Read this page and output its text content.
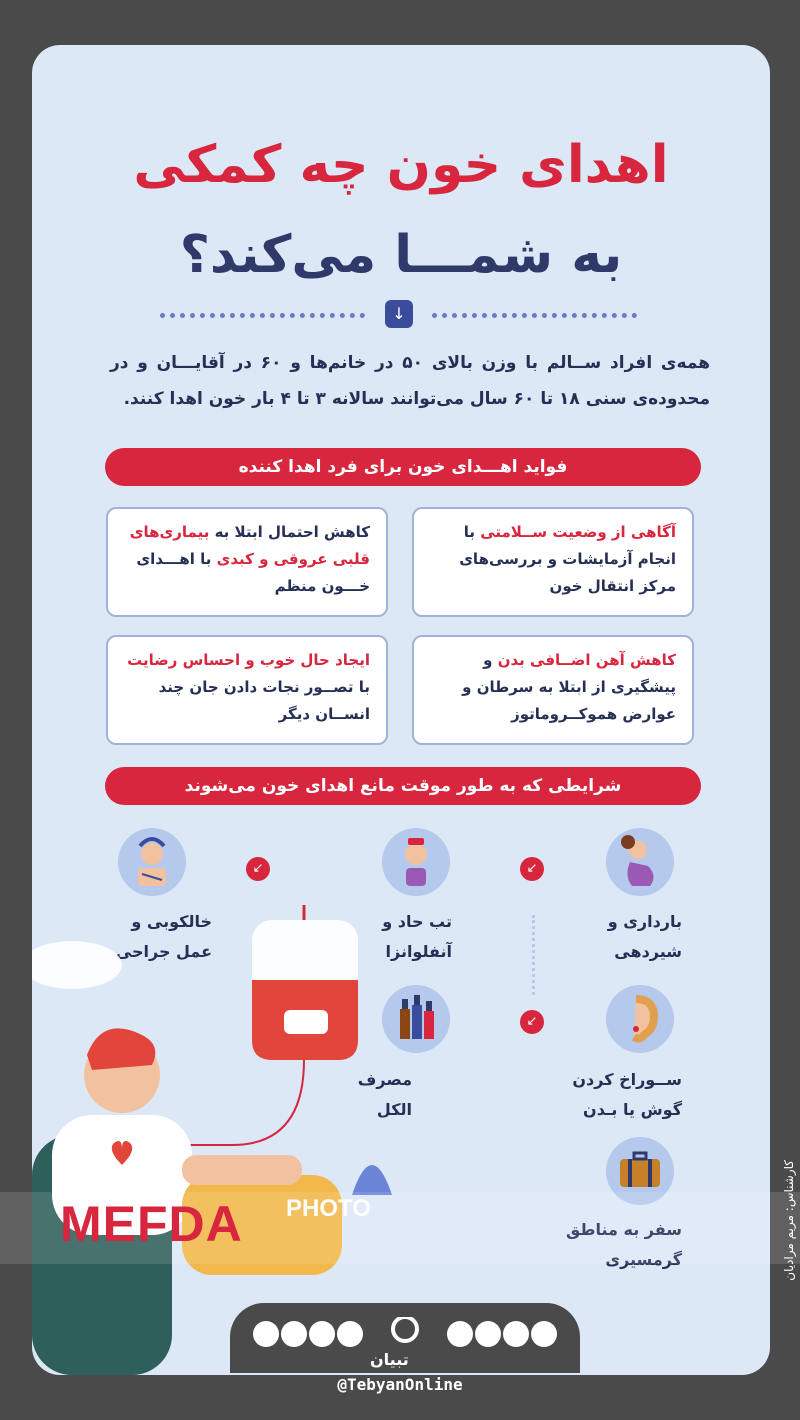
اهدای خون چه کمکی
به شمـــا می‌کند؟
↓
همه‌ی افراد ســالم با وزن بالای ۵۰ در خانم‌ها و ۶۰ در آقایـــان و در محدوده‌ی سنی ۱۸ تا ۶۰ سال می‌توانند سالانه ۳ تا ۴ بار خون اهدا کنند.
فواید اهـــدای خون برای فرد اهدا کننده
آگاهی از وضعیت ســلامتی با انجام آزمایشات و بررسی‌های مرکز انتقال خون
کاهش احتمال ابتلا به بیماری‌های قلبی عروقی و کبدی با اهـــدای خـــون منظم
کاهش آهن اضــافی بدن و پیشگیری از ابتلا به سرطان و عوارض هموکــروماتوز
ایجاد حال خوب و احساس رضایت با تصــور نجات دادن جان چند انســان دیگر
شرایطی که به طور موقت مانع اهدای خون می‌شوند
↙
↙
↙
بارداری و شیردهی
تب حاد و آنفلوانزا
خالکوبی و عمل جراحی
ســوراخ کردن گوش یا بـدن
مصرف الکل
سفر به مناطق گرمسیری
MEFDA PHOTO	کارشناس: مریم مرادیان
تبیان
@TebyanOnline
